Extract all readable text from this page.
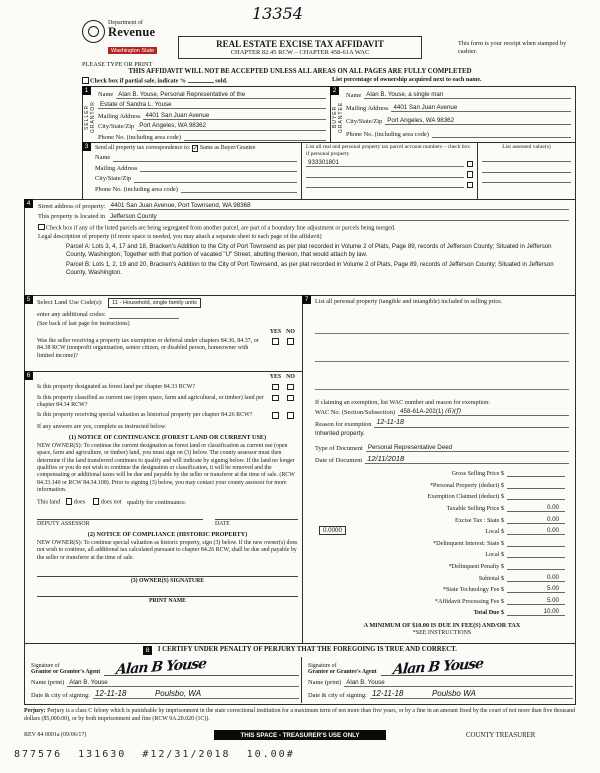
13354
Department of
Revenue
Washington State
REAL ESTATE EXCISE TAX AFFIDAVIT
CHAPTER 82.45 RCW – CHAPTER 458-61A WAC
This form is your receipt when stamped by cashier.
PLEASE TYPE OR PRINT
THIS AFFIDAVIT WILL NOT BE ACCEPTED UNLESS ALL AREAS ON ALL PAGES ARE FULLY COMPLETED
Check box if partial sale, indicate %	sold.	List percentage of ownership acquired next to each name.
1
SELLER GRANTOR
Name Alan B. Youse, Personal Representative of the
Estate of Sandra L. Youse
Mailing Address 4401 San Juan Avenue
City/State/Zip Port Angeles, WA 98362
Phone No. (including area code)
2
BUYER GRANTEE
Name Alan B. Youse, a single man
Mailing Address 4401 San Juan Avenue
City/State/Zip Port Angeles, WA 98362
Phone No. (including area code)
3	Send all property tax correspondence to: ✓ Same as Buyer/Grantee
Name
Mailing Address
City/State/Zip
Phone No. (including area code)
List all real and personal property tax parcel account numbers – check box if personal property
933301801
List assessed value(s)
4	Street address of property: 4401 San Juan Avenue, Port Townsend, WA 98368
This property is located in Jefferson County
Check box if any of the listed parcels are being segregated from another parcel, are part of a boundary line adjustment or parcels being merged.
Legal description of property (if more space is needed, you may attach a separate sheet to each page of the affidavit)
Parcel A: Lots 3, 4, 17 and 18, Bracken's Addition to the City of Port Townsend as per plat recorded in Volume 2 of Plats, Page 89, records of Jefferson County; Situated in Jefferson County, Washington; Together with that portion of vacated "U" Street, abutting thereon, that would attach by law.
Parcel B: Lots 1, 2, 19 and 20, Bracken's Addition to the City of Port Townsend, as per plat recorded in Volume 2 of Plats, Page 89, records of Jefferson County; Situated in Jefferson County, Washington.
5	Select Land Use Code(s): 11 - Household, single family units
enter any additional codes:
(See back of last page for instructions)
YES NO
Was the seller receiving a property tax exemption or deferral under chapters 84.36, 84.37, or 84.38 RCW (nonprofit organization, senior citizen, or disabled person, homeowner with limited income)?
6	YES NO
Is this property designated as forest land per chapter 84.33 RCW?
Is this property classified as current use (open space, farm and agricultural, or timber) land per chapter 84.34 RCW?
Is this property receiving special valuation as historical property per chapter 84.26 RCW?
If any answers are yes, complete as instructed below.
(1) NOTICE OF CONTINUANCE (FOREST LAND OR CURRENT USE)
NEW OWNER(S): To continue the current designation as forest land or classification as current use (open space, farm and agriculture, or timber) land, you must sign on (3) below. The county assessor must then determine if the land transferred continues to qualify and will indicate by signing below. If the land no longer qualifies or you do not wish to continue the designation or classification, it will be removed and the compensating or additional taxes will be due and payable by the seller or transferor at the time of sale. (RCW 84.33.140 or RCW 84.34.108). Prior to signing (3) below, you may contact your county assessor for more information.
This land does	does not qualify for continuance.
DEPUTY ASSESSOR	DATE
(2) NOTICE OF COMPLIANCE (HISTORIC PROPERTY)
NEW OWNER(S): To continue special valuation as historic property, sign (3) below. If the new owner(s) does not wish to continue, all additional tax calculated pursuant to chapter 84.26 RCW, shall be due and payable by the seller or transferor at the time of sale.
(3) OWNER(S) SIGNATURE
PRINT NAME
7	List all personal property (tangible and intangible) included in selling price.
If claiming an exemption, list WAC number and reason for exemption:
WAC No. (Section/Subsection) 458-61A-202(1) (6)(f)
Reason for exemption 12-11-18
Inherited property.
Type of Document Personal Representative Deed
Date of Document 12/11/2018
Gross Selling Price $
*Personal Property (deduct) $
Exemption Claimed (deduct) $
Taxable Selling Price $	0.00
Excise Tax : State $	0.00
0.0000	Local $	0.00
*Delinquent Interest: State $
Local $
*Delinquent Penalty $
Subtotal $	0.00
*State Technology Fee $	5.00
*Affidavit Processing Fee $	5.00
Total Due $	10.00
A MINIMUM OF $10.00 IS DUE IN FEE(S) AND/OR TAX
*SEE INSTRUCTIONS
8 I CERTIFY UNDER PENALTY OF PERJURY THAT THE FOREGOING IS TRUE AND CORRECT.
Signature of
Grantor or Grantor's Agent Alan B Youse
Name (print) Alan B. Youse
Date & city of signing: 12-11-18	Poulsbo, WA
Signature of
Grantee or Grantee's Agent Alan B Youse
Name (print) Alan B. Youse
Date & city of signing: 12-11-18	Poulsbo WA
Perjury: Perjury is a class C felony which is punishable by imprisonment in the state correctional institution for a maximum term of not more than five years, or by a fine in an amount fixed by the court of not more than five thousand dollars ($5,000.00), or by both imprisonment and fine (RCW 9A.20.020 (1C)).
REV 84 0001a (09/06/17)	THIS SPACE - TREASURER'S USE ONLY	COUNTY TREASURER
877576  131630  #12/31/2018  10.00#
